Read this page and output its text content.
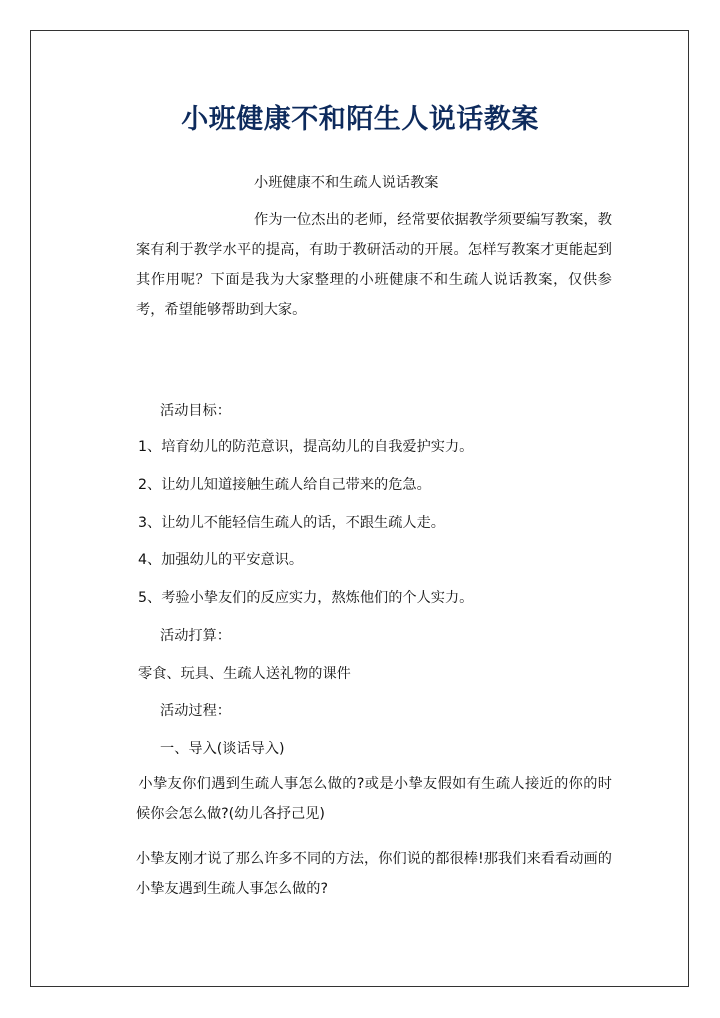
小班健康不和陌生人说话教案

小班健康不和生疏人说话教案

作为一位杰出的老师，经常要依据教学须要编写教案，教案有利于教学水平的提高，有助于教研活动的开展。怎样写教案才更能起到其作用呢？下面是我为大家整理的小班健康不和生疏人说话教案，仅供参考，希望能够帮助到大家。

活动目标：

1、培育幼儿的防范意识，提高幼儿的自我爱护实力。

2、让幼儿知道接触生疏人给自己带来的危急。

3、让幼儿不能轻信生疏人的话，不跟生疏人走。

4、加强幼儿的平安意识。

5、考验小挚友们的反应实力，熬炼他们的个人实力。

活动打算：

零食、玩具、生疏人送礼物的课件

活动过程：

一、导入(谈话导入)

小挚友你们遇到生疏人事怎么做的?或是小挚友假如有生疏人接近的你的时候你会怎么做?(幼儿各抒己见)

小挚友刚才说了那么许多不同的方法，你们说的都很棒!那我们来看看动画的小挚友遇到生疏人事怎么做的?
